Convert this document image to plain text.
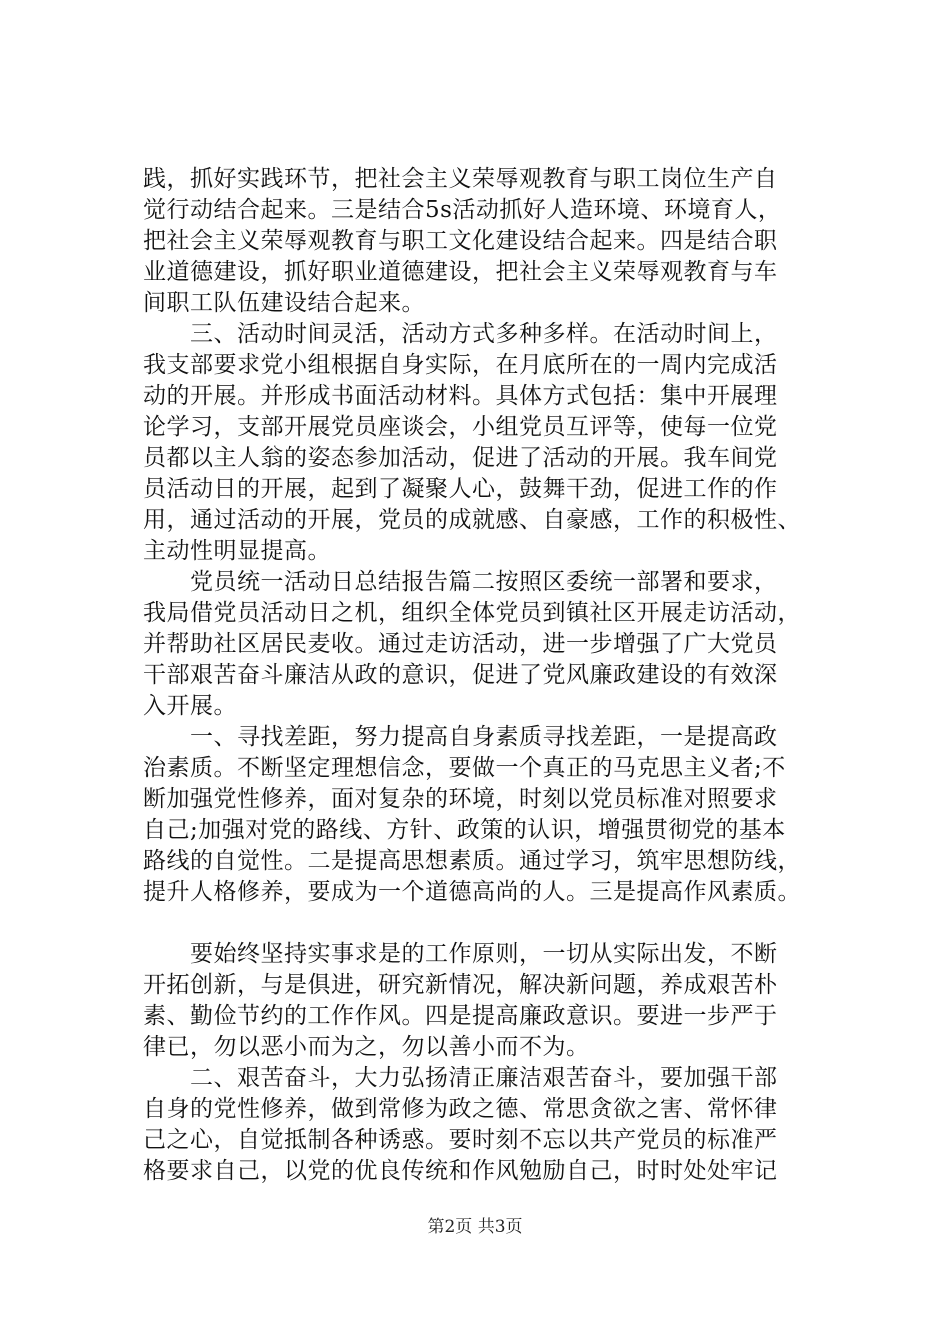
践，抓好实践环节，把社会主义荣辱观教育与职工岗位生产自
觉行动结合起来。三是结合5s活动抓好人造环境、环境育人，
把社会主义荣辱观教育与职工文化建设结合起来。四是结合职
业道德建设，抓好职业道德建设，把社会主义荣辱观教育与车
间职工队伍建设结合起来。
　　三、活动时间灵活，活动方式多种多样。在活动时间上，
我支部要求党小组根据自身实际，在月底所在的一周内完成活
动的开展。并形成书面活动材料。具体方式包括：集中开展理
论学习，支部开展党员座谈会，小组党员互评等，使每一位党
员都以主人翁的姿态参加活动，促进了活动的开展。我车间党
员活动日的开展，起到了凝聚人心，鼓舞干劲，促进工作的作
用，通过活动的开展，党员的成就感、自豪感，工作的积极性、
主动性明显提高。
　　党员统一活动日总结报告篇二按照区委统一部署和要求，
我局借党员活动日之机，组织全体党员到镇社区开展走访活动，
并帮助社区居民麦收。通过走访活动，进一步增强了广大党员
干部艰苦奋斗廉洁从政的意识，促进了党风廉政建设的有效深
入开展。
　　一、寻找差距，努力提高自身素质寻找差距，一是提高政
治素质。不断坚定理想信念，要做一个真正的马克思主义者;不
断加强党性修养，面对复杂的环境，时刻以党员标准对照要求
自己;加强对党的路线、方针、政策的认识，增强贯彻党的基本
路线的自觉性。二是提高思想素质。通过学习，筑牢思想防线，
提升人格修养，要成为一个道德高尚的人。三是提高作风素质。
　　要始终坚持实事求是的工作原则，一切从实际出发，不断
开拓创新，与是俱进，研究新情况，解决新问题，养成艰苦朴
素、勤俭节约的工作作风。四是提高廉政意识。要进一步严于
律已，勿以恶小而为之，勿以善小而不为。
　　二、艰苦奋斗，大力弘扬清正廉洁艰苦奋斗，要加强干部
自身的党性修养，做到常修为政之德、常思贪欲之害、常怀律
己之心，自觉抵制各种诱惑。要时刻不忘以共产党员的标准严
格要求自己，以党的优良传统和作风勉励自己，时时处处牢记
第2页 共3页
